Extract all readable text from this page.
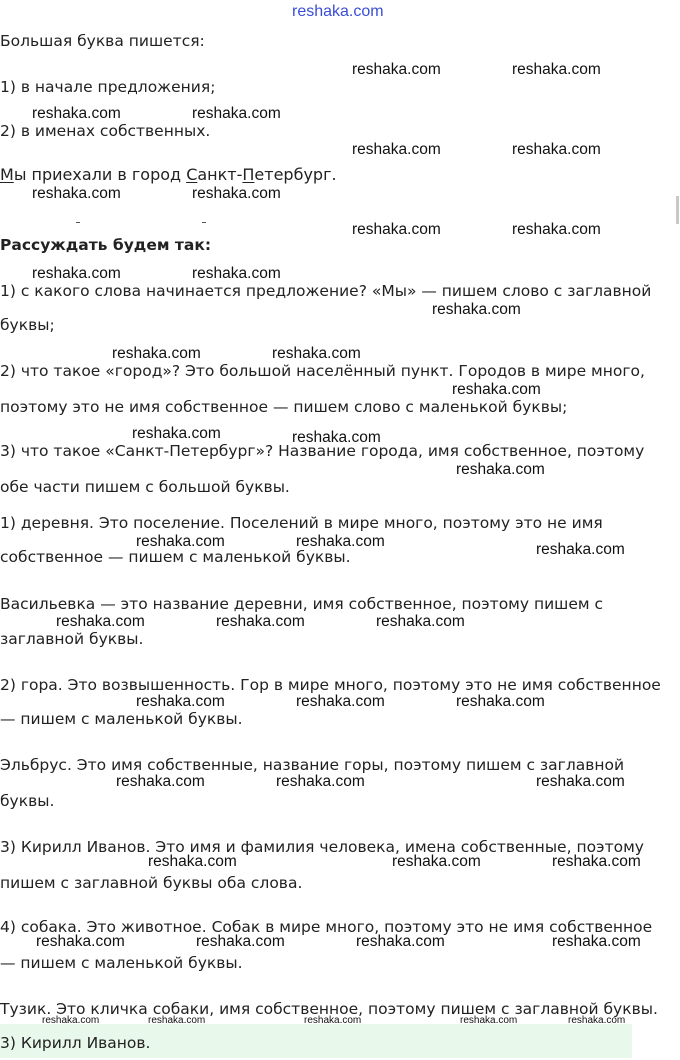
reshaka.com

Большая буква пишется:

1) в начале предложения;

2) в именах собственных.

Мы приехали в город Санкт-Петербург.

Рассуждать будем так:

1) с какого слова начинается предложение? «Мы» — пишем слово с заглавной

буквы;

2) что такое «город»? Это большой населённый пункт. Городов в мире много,

поэтому это не имя собственное — пишем слово с маленькой буквы;

3) что такое «Санкт-Петербург»? Название города, имя собственное, поэтому

обе части пишем с большой буквы.

1) деревня. Это поселение. Поселений в мире много, поэтому это не имя

собственное — пишем с маленькой буквы.

Васильевка — это название деревни, имя собственное, поэтому пишем с

заглавной буквы.

2) гора. Это возвышенность. Гор в мире много, поэтому это не имя собственное

— пишем с маленькой буквы.

Эльбрус. Это имя собственные, название горы, поэтому пишем с заглавной

буквы.

3) Кирилл Иванов. Это имя и фамилия человека, имена собственные, поэтому

пишем с заглавной буквы оба слова.

4) собака. Это животное. Собак в мире много, поэтому это не имя собственное

— пишем с маленькой буквы.

Тузик. Это кличка собаки, имя собственное, поэтому пишем с заглавной буквы.

3) Кирилл Иванов.

reshaka.com	reshaka.com
reshaka.com	reshaka.com
reshaka.com	reshaka.com
reshaka.com	reshaka.com
reshaka.com	reshaka.com
reshaka.com	reshaka.com
reshaka.com
reshaka.com	reshaka.com
reshaka.com
reshaka.com	reshaka.com
reshaka.com
reshaka.com	reshaka.com	reshaka.com
reshaka.com	reshaka.com	reshaka.com
reshaka.com	reshaka.com	reshaka.com
reshaka.com	reshaka.com	reshaka.com
reshaka.com	reshaka.com	reshaka.com
reshaka.com	reshaka.com	reshaka.com	reshaka.com
reshaka.com	reshaka.com	reshaka.com	reshaka.com	reshaka.com
